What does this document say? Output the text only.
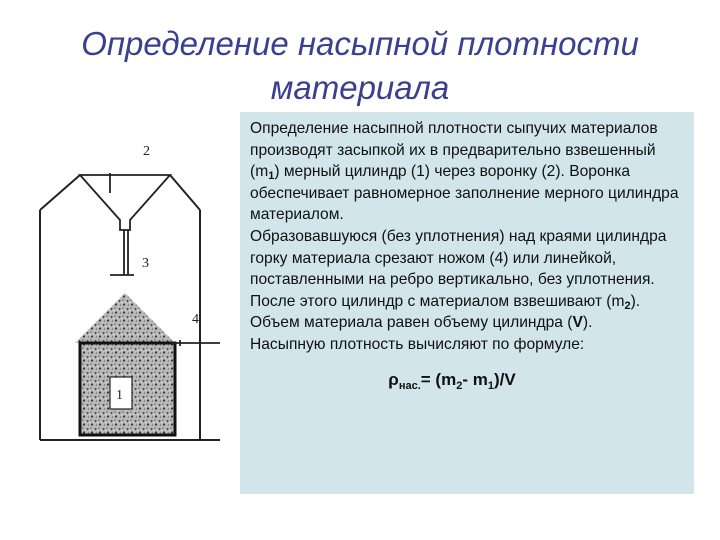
Определение насыпной плотности
материала
2
3
4
1

Определение насыпной плотности сыпучих материалов производят засыпкой их в предварительно взвешенный $(m_1)$ мерный цилиндр (1) через воронку (2). Воронка обеспечивает равномерное заполнение мерного цилиндра материалом.
Образовавшуюся (без уплотнения) над краями цилиндра горку материала срезают ножом (4) или линейкой, поставленными на ребро вертикально, без уплотнения.
После этого цилиндр с материалом взвешивают $(m_2)$.
Объем материала равен объему цилиндра (V).
Насыпную плотность вычисляют по формуле:

$\rho_{нас.}= (m_2-$ $m_1)/V$
